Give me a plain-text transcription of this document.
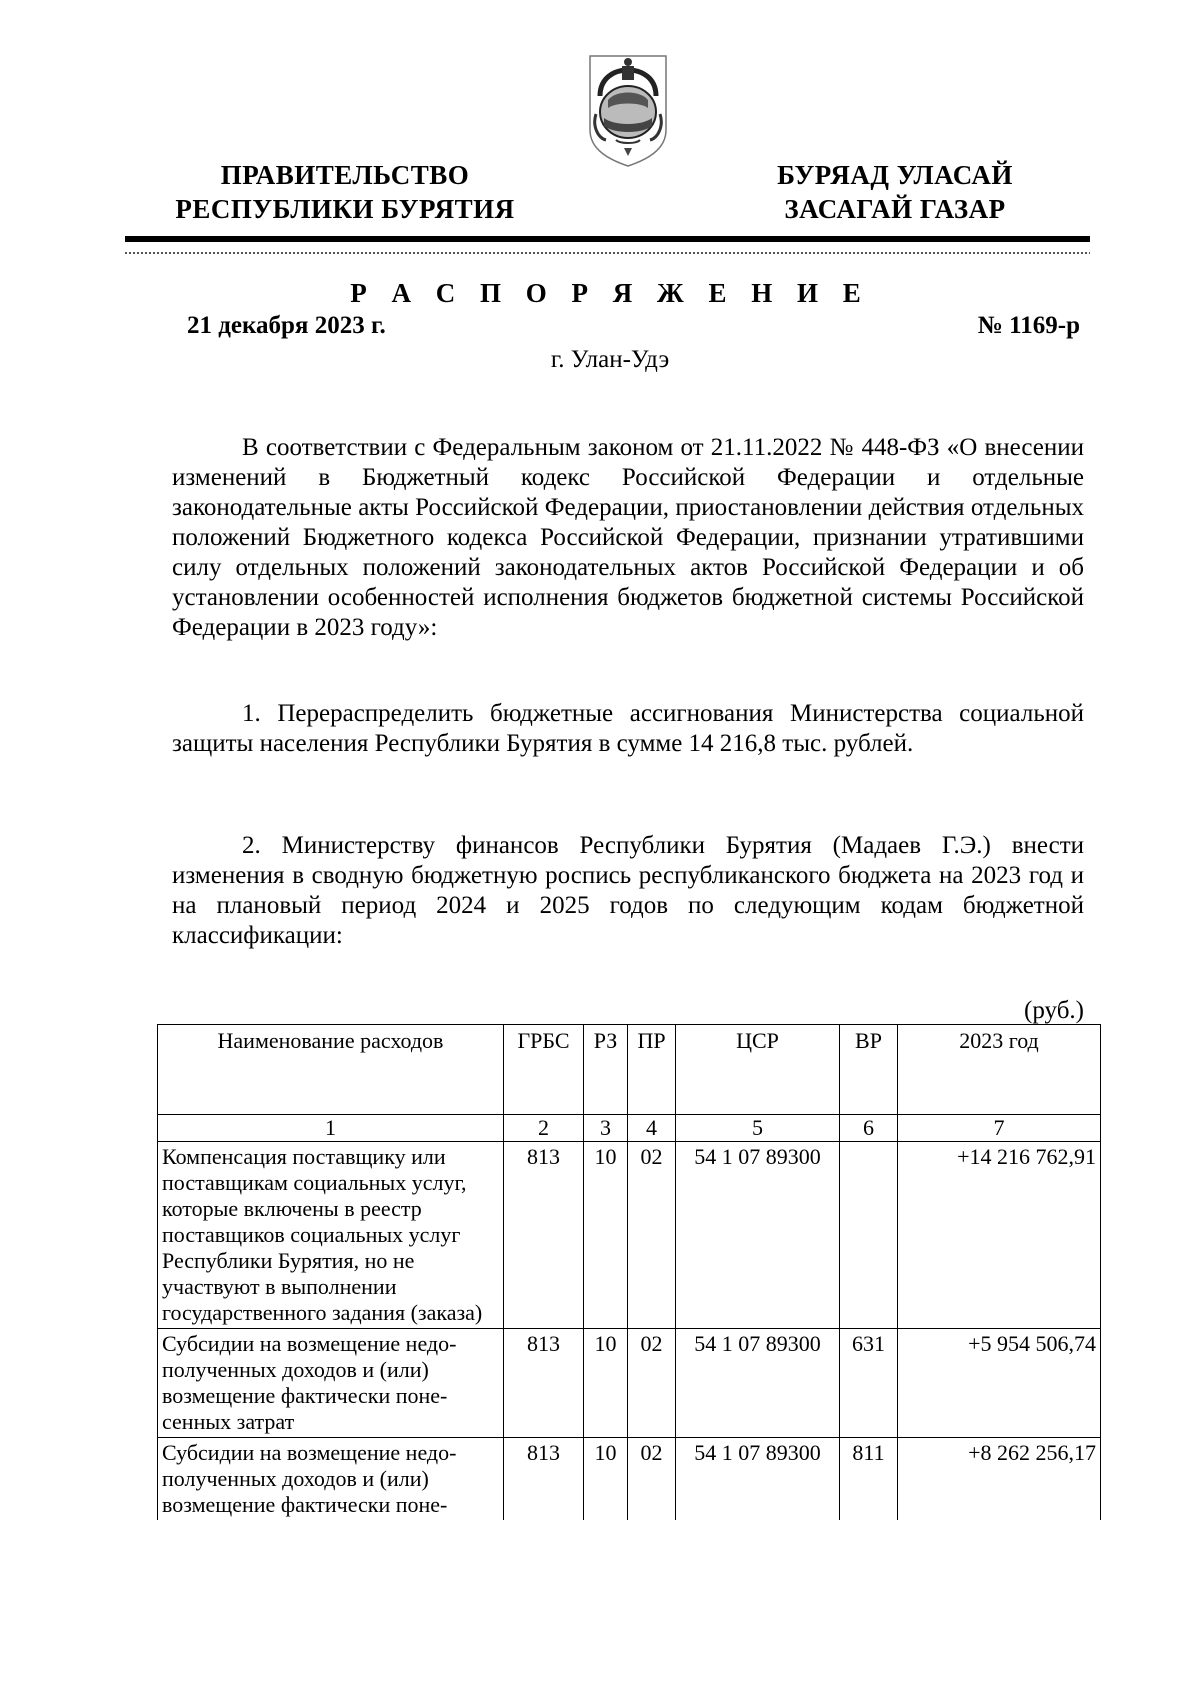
ПРАВИТЕЛЬСТВО
РЕСПУБЛИКИ БУРЯТИЯ
БУРЯАД УЛАСАЙ
ЗАСАГАЙ ГАЗАР
Р А С П О Р Я Ж Е Н И Е
21 декабря 2023 г.	№ 1169-р
г. Улан-Удэ

В соответствии с Федеральным законом от 21.11.2022 № 448-ФЗ «О внесении изменений в Бюджетный кодекс Российской Федерации и отдельные законодательные акты Российской Федерации, приостановлении действия отдельных положений Бюджетного кодекса Российской Федерации, признании утратившими силу отдельных положений законодательных актов Российской Федерации и об установлении особенностей исполнения бюджетов бюджетной системы Российской Федерации в 2023 году»:

1. Перераспределить бюджетные ассигнования Министерства социальной защиты населения Республики Бурятия в сумме 14 216,8 тыс. рублей.

2. Министерству финансов Республики Бурятия (Мадаев Г.Э.) внести изменения в сводную бюджетную роспись республиканского бюджета на 2023 год и на плановый период 2024 и 2025 годов по следующим кодам бюджетной классификации:

(руб.)
Наименование расходов	ГРБС	РЗ	ПР	ЦСР	ВР	2023 год
1	2	3	4	5	6	7
Компенсация поставщику или поставщикам социальных услуг, которые включены в реестр поставщиков социальных услуг Республики Бурятия, но не участвуют в выполнении государственного задания (заказа)	813	10	02	54 1 07 89300		+14 216 762,91
Субсидии на возмещение недополученных доходов и (или) возмещение фактически понесенных затрат	813	10	02	54 1 07 89300	631	+5 954 506,74
Субсидии на возмещение недополученных доходов и (или) возмещение фактически поне-	813	10	02	54 1 07 89300	811	+8 262 256,17
